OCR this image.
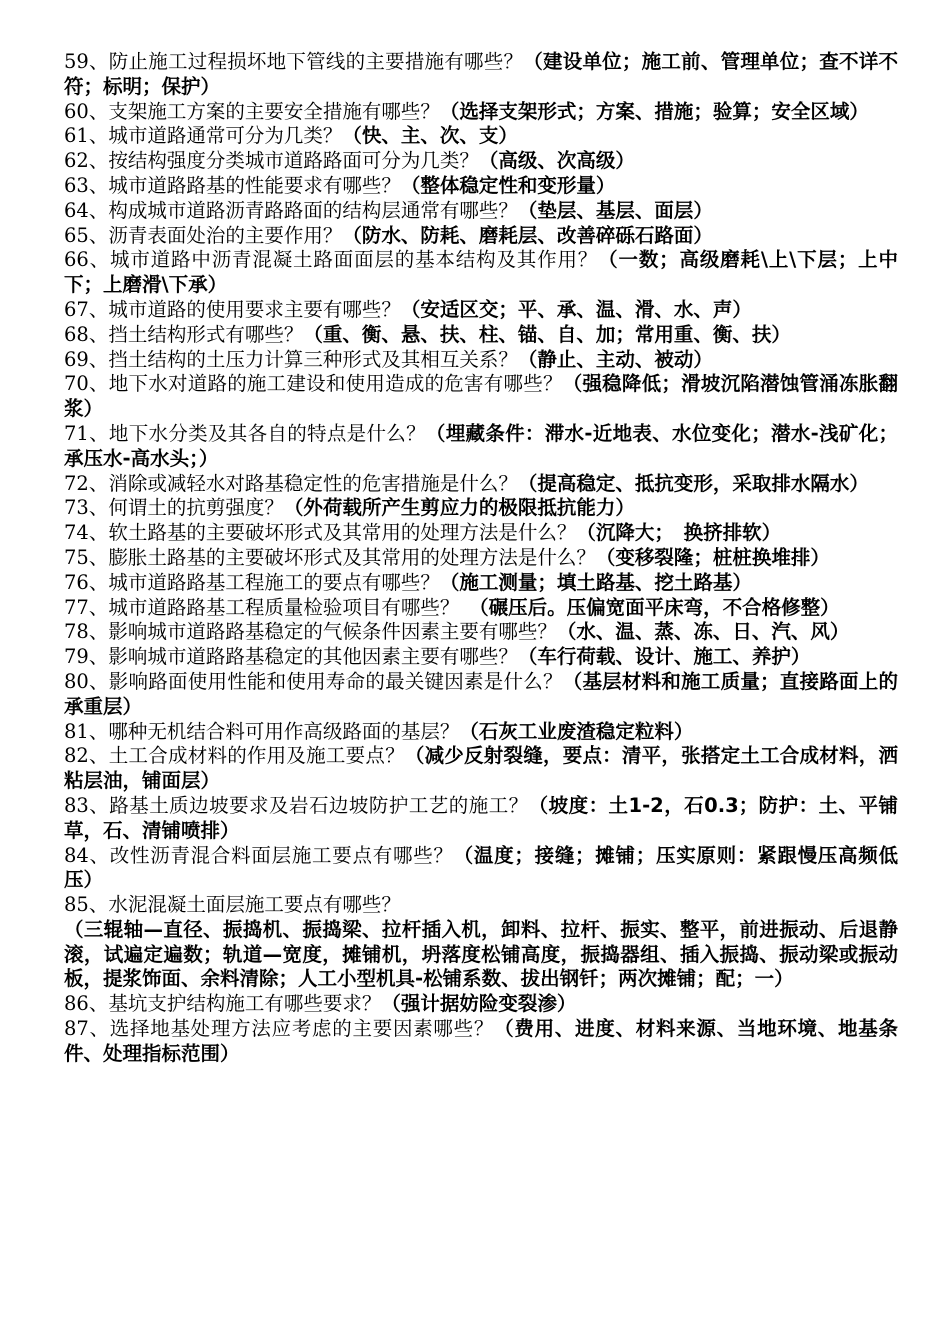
59、防止施工过程损坏地下管线的主要措施有哪些？（建设单位；施工前、管理单位；查不详不符；标明；保护）

60、支架施工方案的主要安全措施有哪些？（选择支架形式；方案、措施；验算；安全区域）

61、城市道路通常可分为几类？（快、主、次、支）

62、按结构强度分类城市道路路面可分为几类？（高级、次高级）

63、城市道路路基的性能要求有哪些？（整体稳定性和变形量）

64、构成城市道路沥青路路面的结构层通常有哪些？（垫层、基层、面层）

65、沥青表面处治的主要作用？（防水、防耗、磨耗层、改善碎砾石路面）

66、城市道路中沥青混凝土路面面层的基本结构及其作用？（一数；高级磨耗\上\下层；上中下；上磨滑\下承）

67、城市道路的使用要求主要有哪些？（安适区交；平、承、温、滑、水、声）

68、挡土结构形式有哪些？（重、衡、悬、扶、柱、锚、自、加；常用重、衡、扶）

69、挡土结构的土压力计算三种形式及其相互关系？（静止、主动、被动）

70、地下水对道路的施工建设和使用造成的危害有哪些？（强稳降低；滑坡沉陷潜蚀管涌冻胀翻浆）

71、地下水分类及其各自的特点是什么？（埋藏条件：滞水-近地表、水位变化；潜水-浅矿化；承压水-高水头；）

72、消除或减轻水对路基稳定性的危害措施是什么？（提高稳定、抵抗变形，采取排水隔水）

73、何谓土的抗剪强度？（外荷载所产生剪应力的极限抵抗能力）

74、软土路基的主要破坏形式及其常用的处理方法是什么？（沉降大；　换挤排软）

75、膨胀土路基的主要破坏形式及其常用的处理方法是什么？（变移裂隆；桩桩换堆排）

76、城市道路路基工程施工的要点有哪些？（施工测量；填土路基、挖土路基）

77、城市道路路基工程质量检验项目有哪些？　（碾压后。压偏宽面平床弯，不合格修整）

78、影响城市道路路基稳定的气候条件因素主要有哪些？（水、温、蒸、冻、日、汽、风）

79、影响城市道路路基稳定的其他因素主要有哪些？（车行荷载、设计、施工、养护）

80、影响路面使用性能和使用寿命的最关键因素是什么？（基层材料和施工质量；直接路面上的承重层）

81、哪种无机结合料可用作高级路面的基层？（石灰工业废渣稳定粒料）

82、土工合成材料的作用及施工要点？（减少反射裂缝，要点：清平，张搭定土工合成材料，洒粘层油，铺面层）

83、路基土质边坡要求及岩石边坡防护工艺的施工？（坡度：土1-2，石0.3；防护：土、平铺草，石、清铺喷排）

84、改性沥青混合料面层施工要点有哪些？（温度；接缝；摊铺；压实原则：紧跟慢压高频低压）

85、水泥混凝土面层施工要点有哪些？
（三辊轴—直径、振捣机、振捣梁、拉杆插入机，卸料、拉杆、振实、整平，前进振动、后退静滚，试遍定遍数；轨道—宽度，摊铺机，坍落度松铺高度，振捣器组、插入振捣、振动梁或振动板，提浆饰面、余料清除；人工小型机具-松铺系数、拔出钢钎；两次摊铺；配；一）

86、基坑支护结构施工有哪些要求？（强计据妨险变裂渗）

87、选择地基处理方法应考虑的主要因素哪些？（费用、进度、材料来源、当地环境、地基条件、处理指标范围）
